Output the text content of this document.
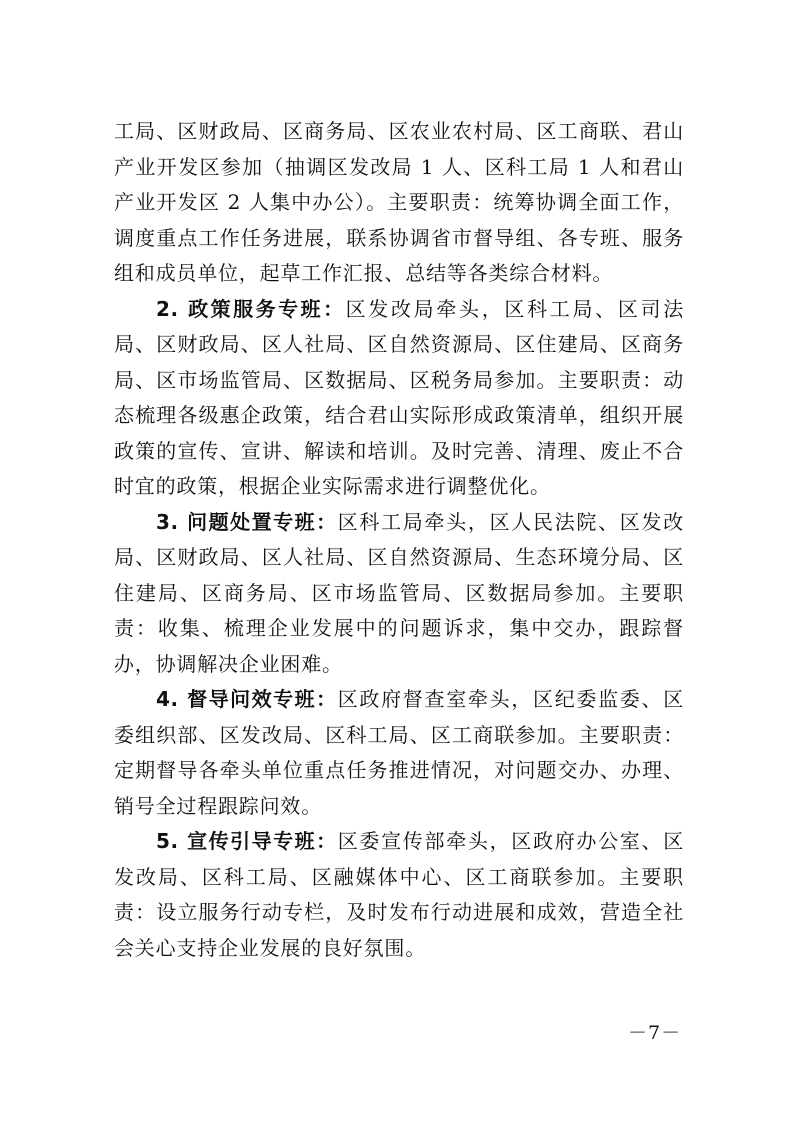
工局、区财政局、区商务局、区农业农村局、区工商联、君山产业开发区参加（抽调区发改局 1 人、区科工局 1 人和君山产业开发区 2 人集中办公）。主要职责：统筹协调全面工作，调度重点工作任务进展，联系协调省市督导组、各专班、服务组和成员单位，起草工作汇报、总结等各类综合材料。

2. 政策服务专班：区发改局牵头，区科工局、区司法局、区财政局、区人社局、区自然资源局、区住建局、区商务局、区市场监管局、区数据局、区税务局参加。主要职责：动态梳理各级惠企政策，结合君山实际形成政策清单，组织开展政策的宣传、宣讲、解读和培训。及时完善、清理、废止不合时宜的政策，根据企业实际需求进行调整优化。

3. 问题处置专班：区科工局牵头，区人民法院、区发改局、区财政局、区人社局、区自然资源局、生态环境分局、区住建局、区商务局、区市场监管局、区数据局参加。主要职责：收集、梳理企业发展中的问题诉求，集中交办，跟踪督办，协调解决企业困难。

4. 督导问效专班：区政府督查室牵头，区纪委监委、区委组织部、区发改局、区科工局、区工商联参加。主要职责：定期督导各牵头单位重点任务推进情况，对问题交办、办理、销号全过程跟踪问效。

5. 宣传引导专班：区委宣传部牵头，区政府办公室、区发改局、区科工局、区融媒体中心、区工商联参加。主要职责：设立服务行动专栏，及时发布行动进展和成效，营造全社会关心支持企业发展的良好氛围。

－7－
